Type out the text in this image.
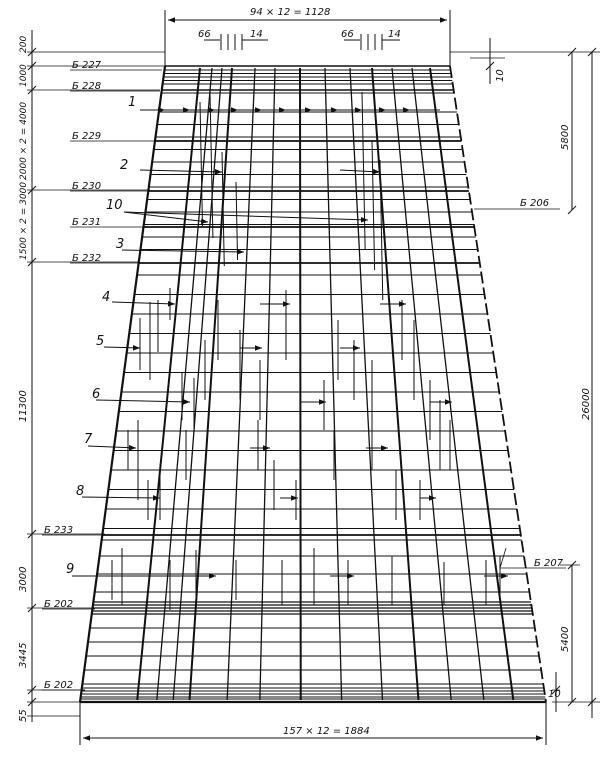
94 × 12 = 1128
66	14	66	14
157 × 12 = 1884
200
1000
2000 × 2 = 4000
1500 × 2 = 3000
11300
3000
3445
55
10
5800
26000
5400
10
Б 227
Б 228
Б 229
Б 230
Б 231
Б 232
Б 233
Б 202
Б 202
Б 206
Б 207
1
2
10
3
4
5
6
7
8
9
